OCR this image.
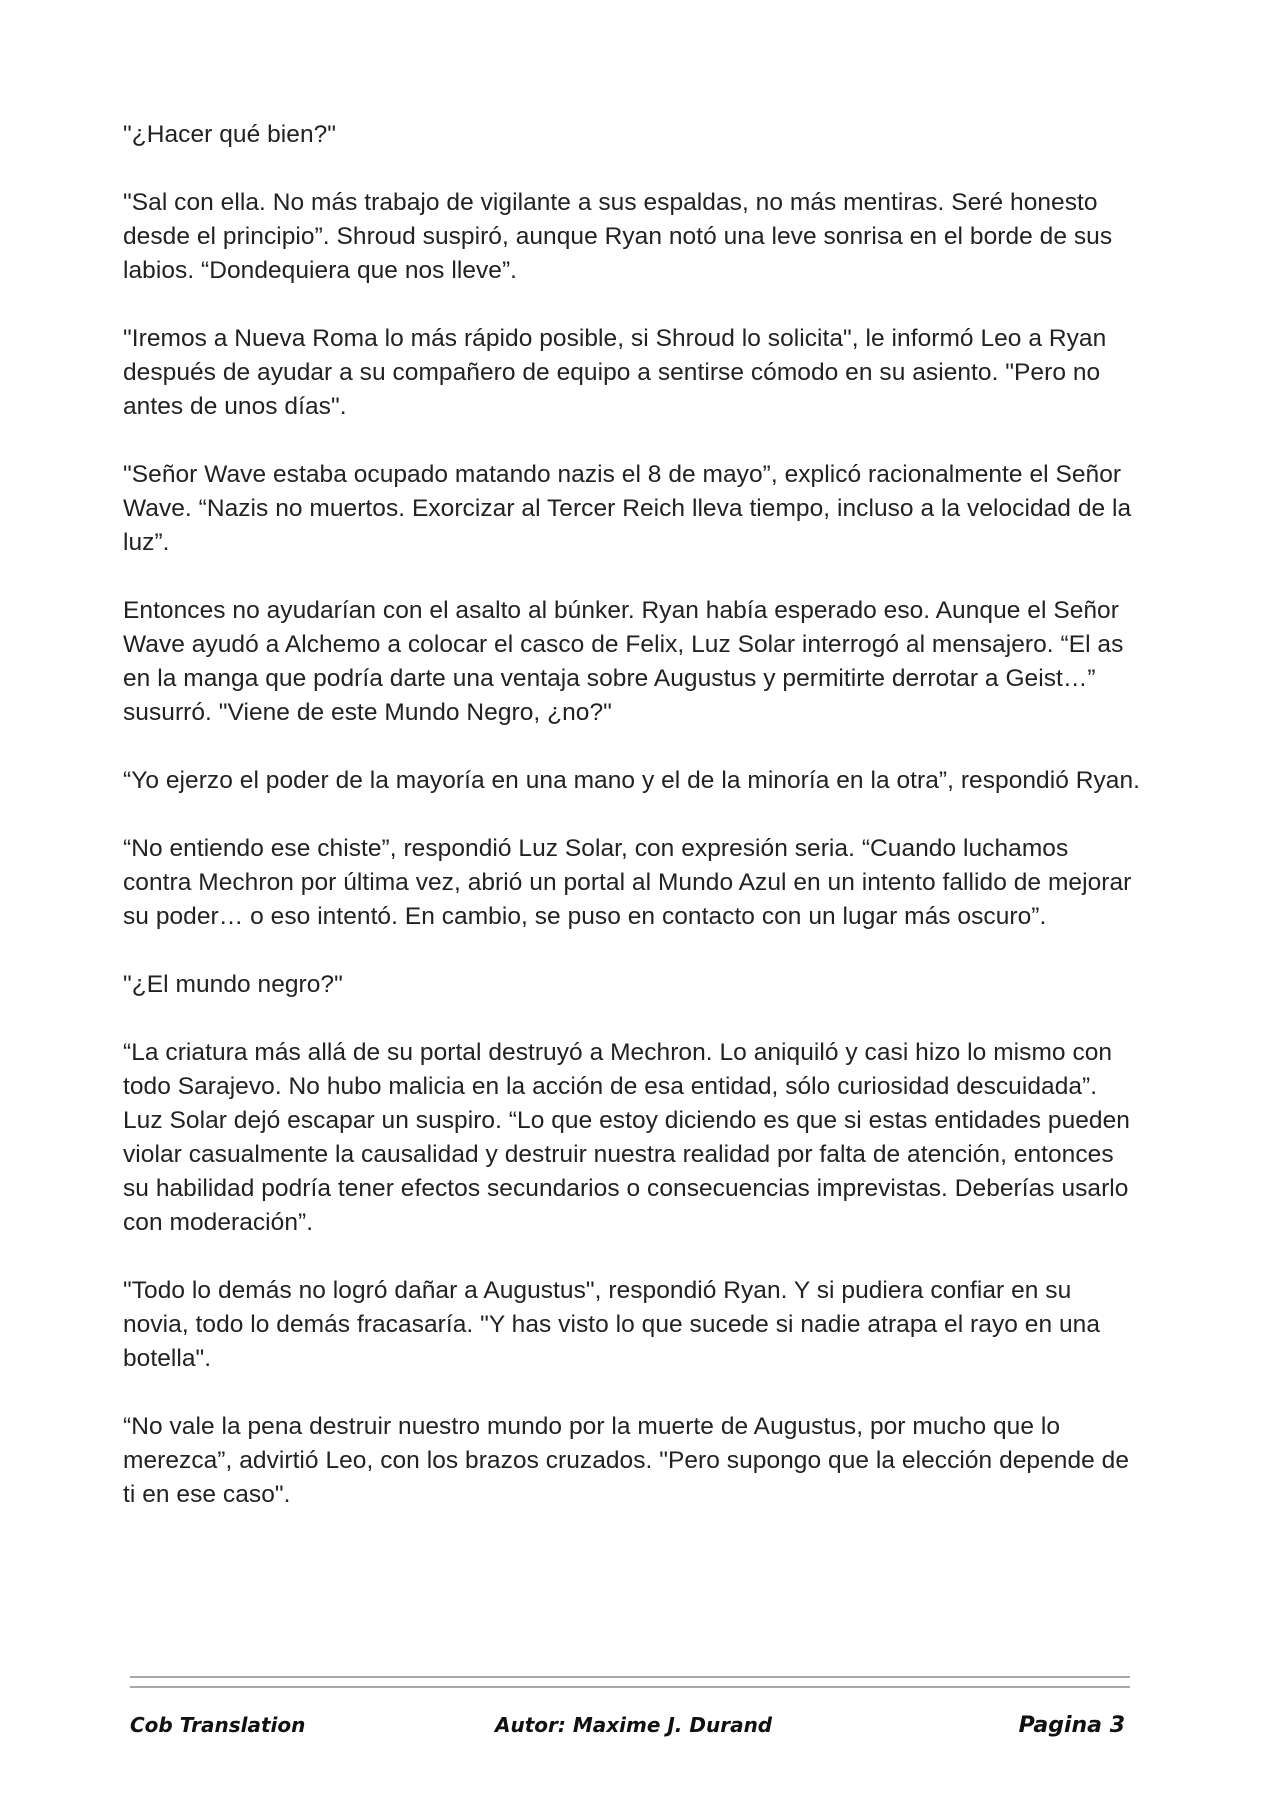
"¿Hacer qué bien?"

"Sal con ella. No más trabajo de vigilante a sus espaldas, no más mentiras. Seré honesto desde el principio”. Shroud suspiró, aunque Ryan notó una leve sonrisa en el borde de sus labios. “Dondequiera que nos lleve”.

"Iremos a Nueva Roma lo más rápido posible, si Shroud lo solicita", le informó Leo a Ryan después de ayudar a su compañero de equipo a sentirse cómodo en su asiento. "Pero no antes de unos días".

"Señor Wave estaba ocupado matando nazis el 8 de mayo”, explicó racionalmente el Señor Wave. “Nazis no muertos. Exorcizar al Tercer Reich lleva tiempo, incluso a la velocidad de la luz”.

Entonces no ayudarían con el asalto al búnker. Ryan había esperado eso. Aunque el Señor Wave ayudó a Alchemo a colocar el casco de Felix, Luz Solar interrogó al mensajero. “El as en la manga que podría darte una ventaja sobre Augustus y permitirte derrotar a Geist…” susurró. "Viene de este Mundo Negro, ¿no?"

“Yo ejerzo el poder de la mayoría en una mano y el de la minoría en la otra”, respondió Ryan.

“No entiendo ese chiste”, respondió Luz Solar, con expresión seria. “Cuando luchamos contra Mechron por última vez, abrió un portal al Mundo Azul en un intento fallido de mejorar su poder… o eso intentó. En cambio, se puso en contacto con un lugar más oscuro”.

"¿El mundo negro?"

“La criatura más allá de su portal destruyó a Mechron. Lo aniquiló y casi hizo lo mismo con todo Sarajevo. No hubo malicia en la acción de esa entidad, sólo curiosidad descuidada”. Luz Solar dejó escapar un suspiro. “Lo que estoy diciendo es que si estas entidades pueden violar casualmente la causalidad y destruir nuestra realidad por falta de atención, entonces su habilidad podría tener efectos secundarios o consecuencias imprevistas. Deberías usarlo con moderación”.

"Todo lo demás no logró dañar a Augustus", respondió Ryan. Y si pudiera confiar en su novia, todo lo demás fracasaría. "Y has visto lo que sucede si nadie atrapa el rayo en una botella".

“No vale la pena destruir nuestro mundo por la muerte de Augustus, por mucho que lo merezca”, advirtió Leo, con los brazos cruzados. "Pero supongo que la elección depende de ti en ese caso".

Cob Translation	Autor: Maxime J. Durand	Pagina 3
